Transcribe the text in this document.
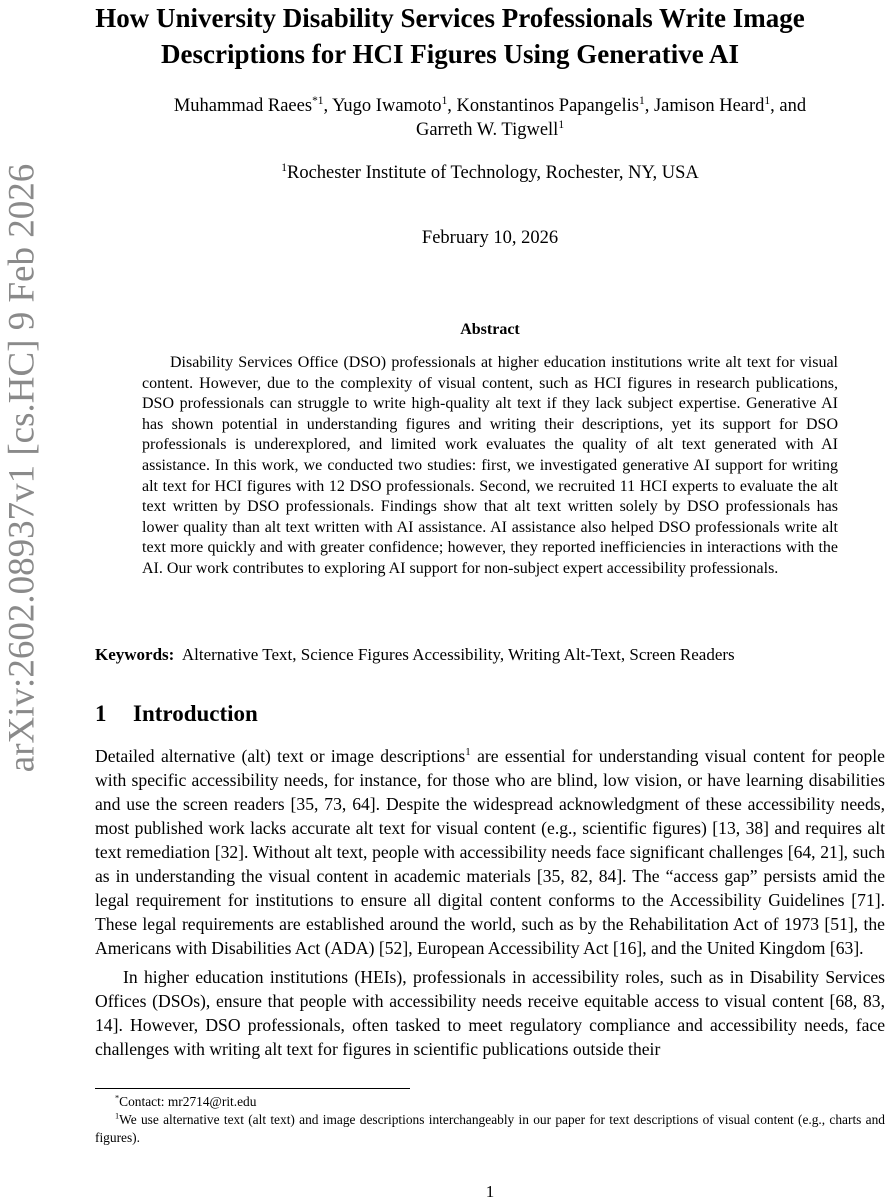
arXiv:2602.08937v1 [cs.HC] 9 Feb 2026
How University Disability Services Professionals Write Image Descriptions for HCI Figures Using Generative AI
Muhammad Raees$^{*1}$, Yugo Iwamoto$^1$, Konstantinos Papangelis$^1$, Jamison Heard$^1$, and
Garreth W. Tigwell$^1$
$^1$Rochester Institute of Technology, Rochester, NY, USA
February 10, 2026
Abstract

Disability Services Office (DSO) professionals at higher education institutions write alt text for visual content. However, due to the complexity of visual content, such as HCI figures in research publications, DSO professionals can struggle to write high-quality alt text if they lack subject expertise. Generative AI has shown potential in understanding figures and writing their descriptions, yet its support for DSO professionals is underexplored, and limited work evaluates the quality of alt text generated with AI assistance. In this work, we conducted two studies: first, we investigated generative AI support for writing alt text for HCI figures with 12 DSO professionals. Second, we recruited 11 HCI experts to evaluate the alt text written by DSO professionals. Findings show that alt text written solely by DSO professionals has lower quality than alt text written with AI assistance. AI assistance also helped DSO professionals write alt text more quickly and with greater confidence; however, they reported inefficiencies in interactions with the AI. Our work contributes to exploring AI support for non-subject expert accessibility professionals.

Keywords: Alternative Text, Science Figures Accessibility, Writing Alt-Text, Screen Readers

1 Introduction

Detailed alternative (alt) text or image descriptions$^1$ are essential for understanding visual content for people with specific accessibility needs, for instance, for those who are blind, low vision, or have learning disabilities and use the screen readers [35, 73, 64]. Despite the widespread acknowledgment of these accessibility needs, most published work lacks accurate alt text for visual content (e.g., scientific figures) [13, 38] and requires alt text remediation [32]. Without alt text, people with accessibility needs face significant challenges [64, 21], such as in understanding the visual content in academic materials [35, 82, 84]. The “access gap” persists amid the legal requirement for institutions to ensure all digital content conforms to the Accessibility Guidelines [71]. These legal requirements are established around the world, such as by the Rehabilitation Act of 1973 [51], the Americans with Disabilities Act (ADA) [52], European Accessibility Act [16], and the United Kingdom [63].

In higher education institutions (HEIs), professionals in accessibility roles, such as in Disability Services Offices (DSOs), ensure that people with accessibility needs receive equitable access to visual content [68, 83, 14]. However, DSO professionals, often tasked to meet regulatory compliance and accessibility needs, face challenges with writing alt text for figures in scientific publications outside their

*Contact: mr2714@rit.edu

$^1$We use alternative text (alt text) and image descriptions interchangeably in our paper for text descriptions of visual content (e.g., charts and figures).

1
